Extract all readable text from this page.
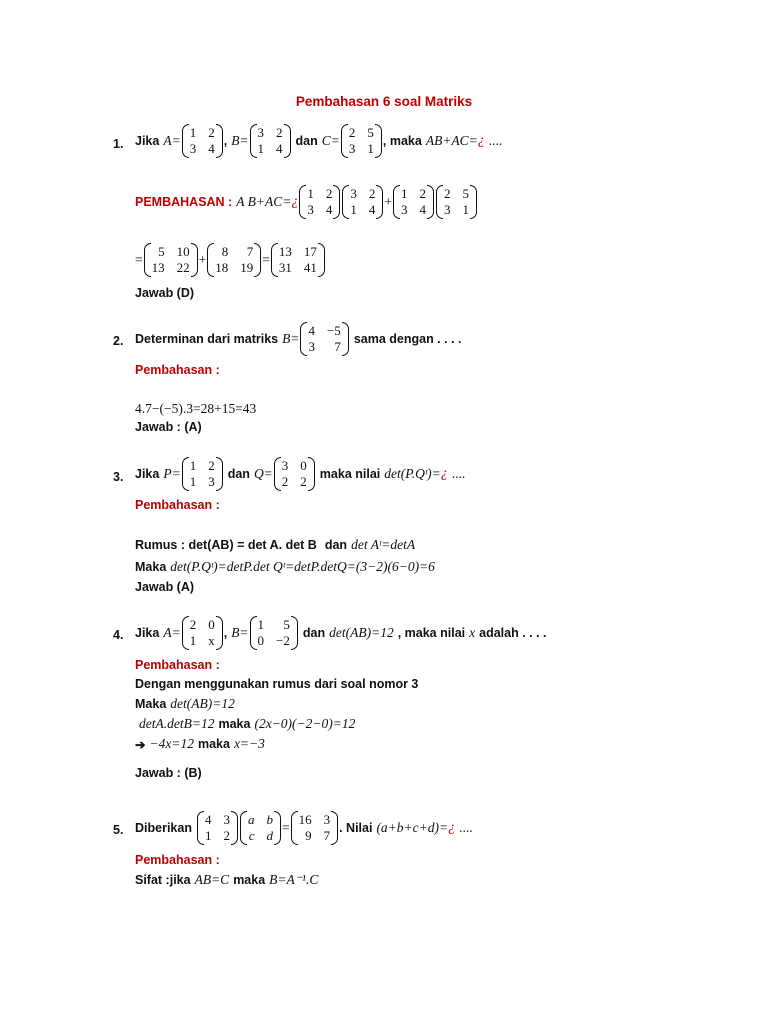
Pembahasan 6 soal Matriks
1. Jika A=
1
3
2
4 , B=
3
1
2
4 dan C=
2
3
5
1 , maka AB+AC= ¿ ....
PEMBAHASAN : A B+AC= ¿
1
3
2
4
3
1
2
4
+
1
3
2
4
2
3
5
1
=
5
13
10
22
+
8
18
7
19
=
13
31
17
41
Jawab (D)
2. Determinan dari matriks B=
4
3
−5
7 sama dengan . . . .
Pembahasan :
4.7−(−5).3=28+15=43
Jawab : (A)
3. Jika P=
1
1
2
3 dan Q=
3
2
0
2 maka nilai det(P.Qᵗ)= ¿ ....
Pembahasan :
Rumus : det(AB) = det A. det B dan det Aᵗ=detA
Maka det(P.Qᵗ)=detP.det Qᵗ=detP.detQ=(3−2)(6−0)=6
Jawab (A)
4. Jika A=
2
1
0
x , B=
1
0
5
−2 dan det(AB)=12 , maka nilai x adalah . . . .
Pembahasan :
Dengan menggunakan rumus dari soal nomor 3
Maka det(AB)=12
detA.detB=12 maka (2x−0)(−2−0)=12
➔ −4x=12 maka x=−3
Jawab : (B)
5. Diberikan
4
1
3
2
a
c
b
d
=
16
9
3
7 . Nilai (a+b+c+d)= ¿ ....
Pembahasan :
Sifat :jika AB=C maka B=A⁻¹.C
